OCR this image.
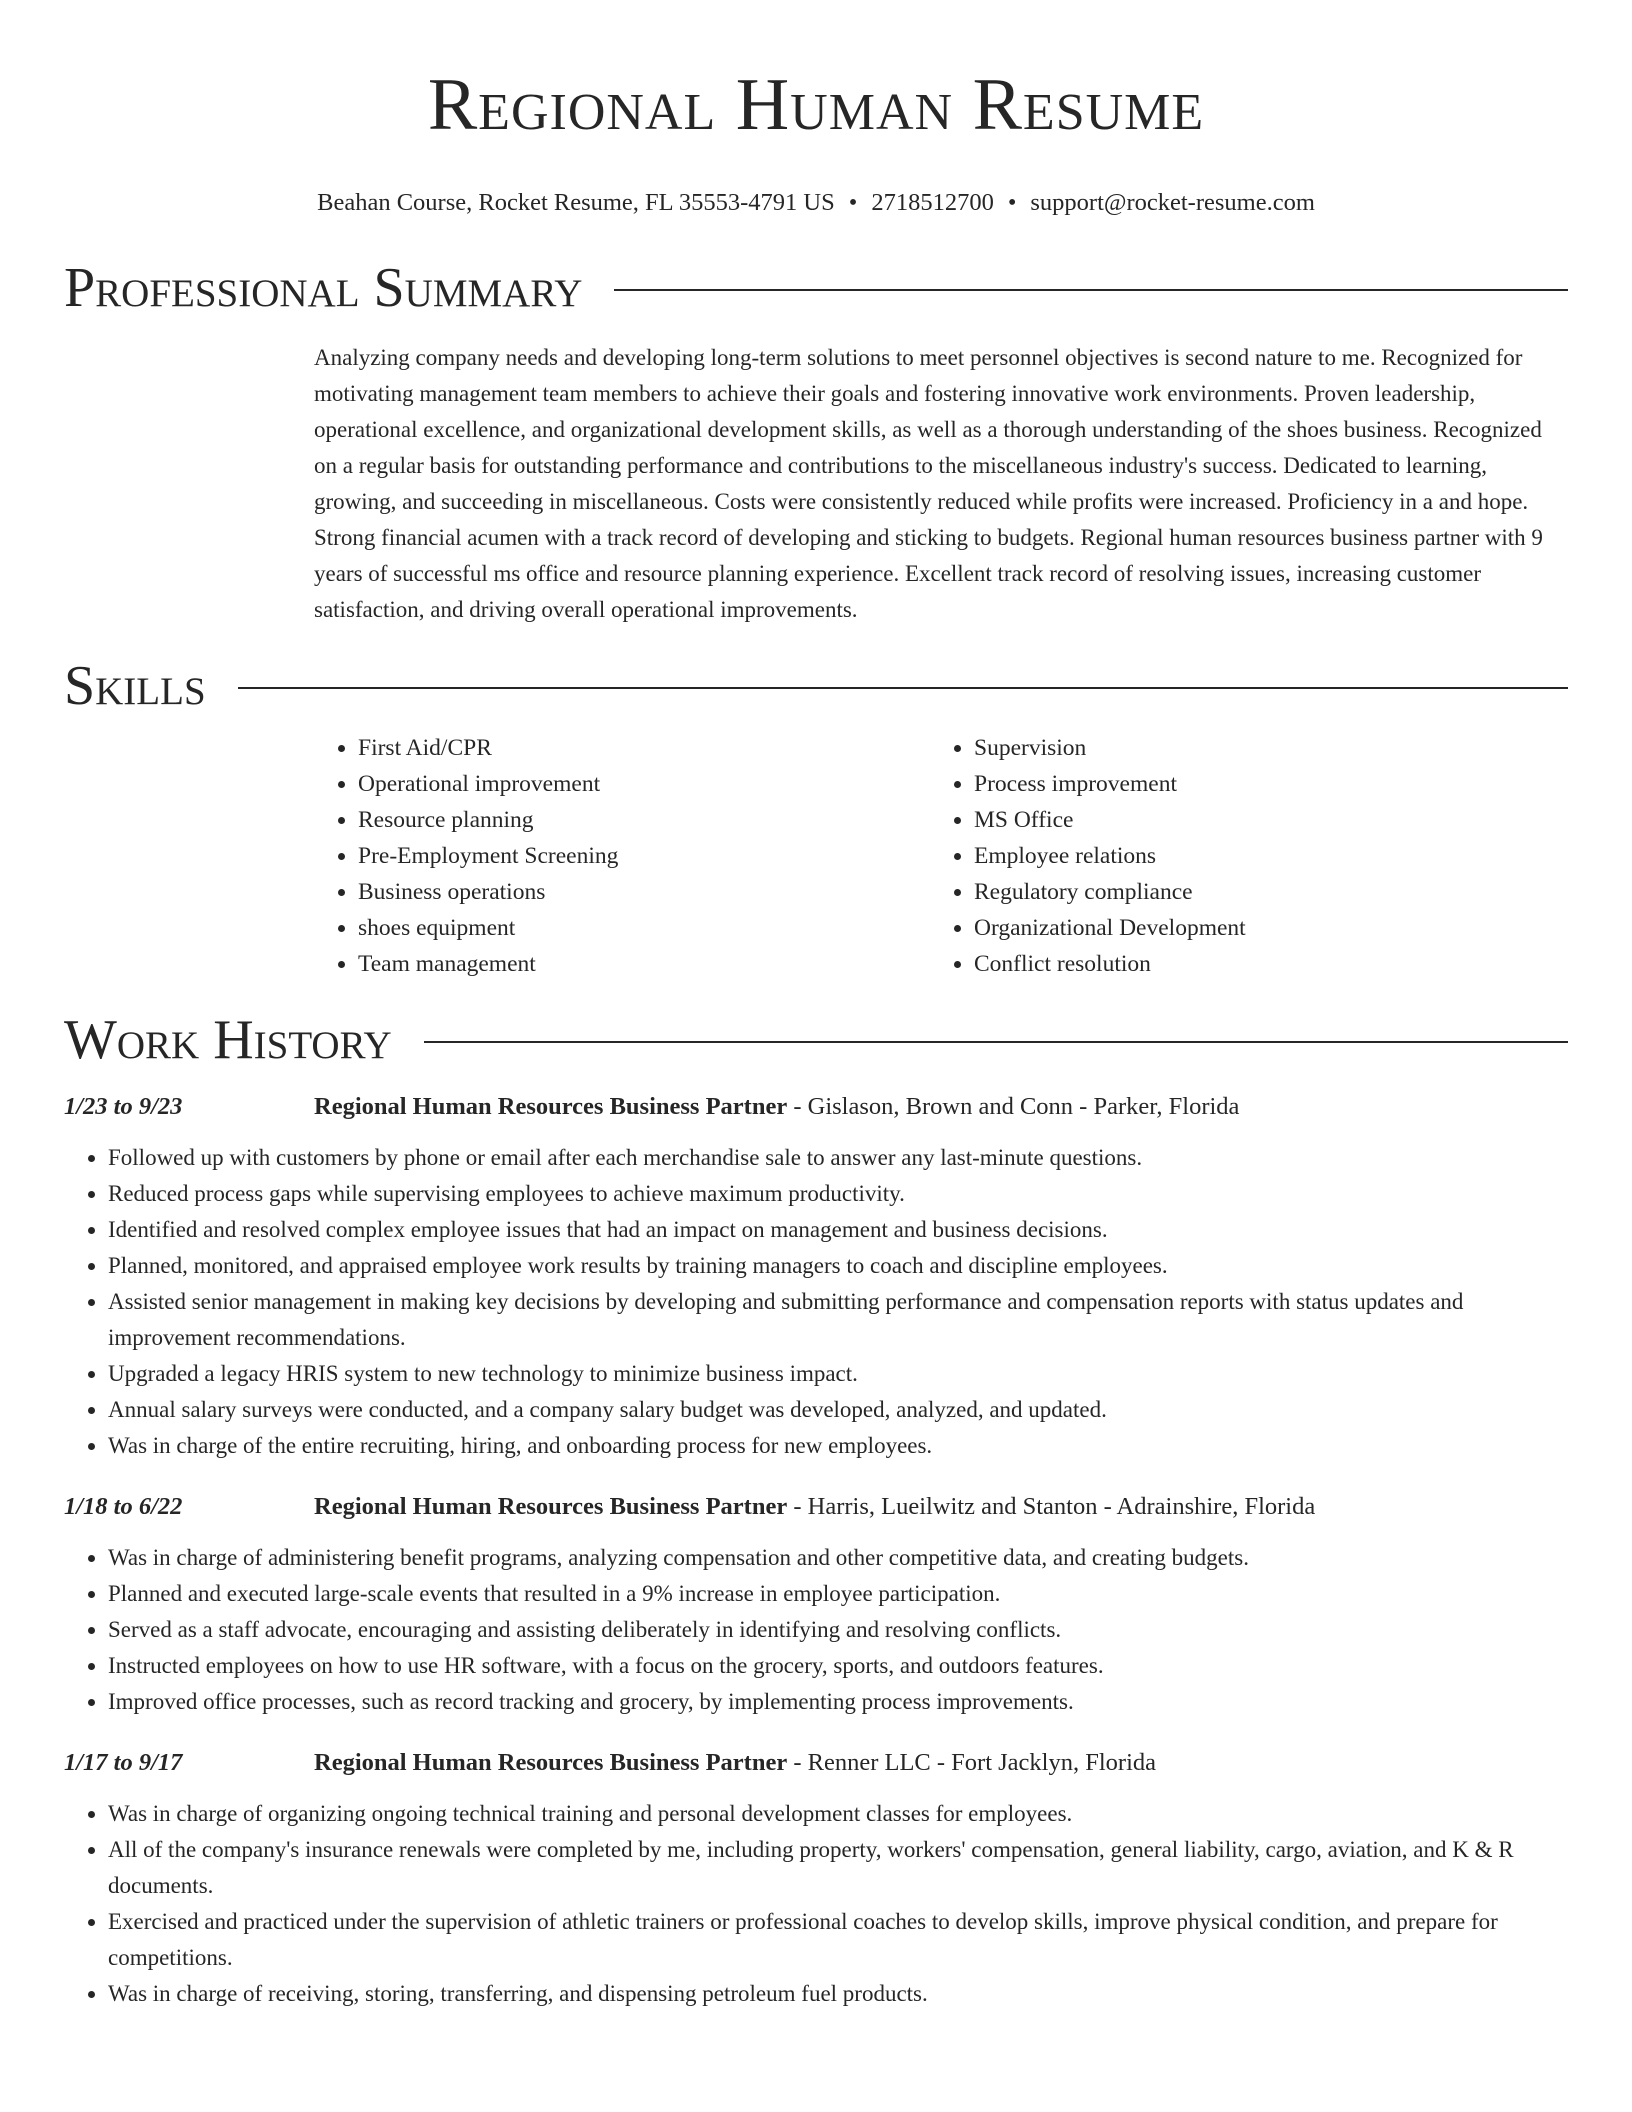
Regional Human Resume
Beahan Course, Rocket Resume, FL 35553-4791 US • 2718512700 • support@rocket-resume.com
Professional Summary

Analyzing company needs and developing long-term solutions to meet personnel objectives is second nature to me. Recognized for motivating management team members to achieve their goals and fostering innovative work environments. Proven leadership, operational excellence, and organizational development skills, as well as a thorough understanding of the shoes business. Recognized on a regular basis for outstanding performance and contributions to the miscellaneous industry's success. Dedicated to learning, growing, and succeeding in miscellaneous. Costs were consistently reduced while profits were increased. Proficiency in a and hope. Strong financial acumen with a track record of developing and sticking to budgets. Regional human resources business partner with 9 years of successful ms office and resource planning experience. Excellent track record of resolving issues, increasing customer satisfaction, and driving overall operational improvements.

Skills
• First Aid/CPR
• Operational improvement
• Resource planning
• Pre-Employment Screening
• Business operations
• shoes equipment
• Team management
• Supervision
• Process improvement
• MS Office
• Employee relations
• Regulatory compliance
• Organizational Development
• Conflict resolution
Work History
1/23 to 9/23	Regional Human Resources Business Partner - Gislason, Brown and Conn - Parker, Florida
• Followed up with customers by phone or email after each merchandise sale to answer any last-minute questions.
• Reduced process gaps while supervising employees to achieve maximum productivity.
• Identified and resolved complex employee issues that had an impact on management and business decisions.
• Planned, monitored, and appraised employee work results by training managers to coach and discipline employees.
• Assisted senior management in making key decisions by developing and submitting performance and compensation reports with status updates and improvement recommendations.
• Upgraded a legacy HRIS system to new technology to minimize business impact.
• Annual salary surveys were conducted, and a company salary budget was developed, analyzed, and updated.
• Was in charge of the entire recruiting, hiring, and onboarding process for new employees.
1/18 to 6/22	Regional Human Resources Business Partner - Harris, Lueilwitz and Stanton - Adrainshire, Florida
• Was in charge of administering benefit programs, analyzing compensation and other competitive data, and creating budgets.
• Planned and executed large-scale events that resulted in a 9% increase in employee participation.
• Served as a staff advocate, encouraging and assisting deliberately in identifying and resolving conflicts.
• Instructed employees on how to use HR software, with a focus on the grocery, sports, and outdoors features.
• Improved office processes, such as record tracking and grocery, by implementing process improvements.
1/17 to 9/17	Regional Human Resources Business Partner - Renner LLC - Fort Jacklyn, Florida
• Was in charge of organizing ongoing technical training and personal development classes for employees.
• All of the company's insurance renewals were completed by me, including property, workers' compensation, general liability, cargo, aviation, and K & R documents.
• Exercised and practiced under the supervision of athletic trainers or professional coaches to develop skills, improve physical condition, and prepare for competitions.
• Was in charge of receiving, storing, transferring, and dispensing petroleum fuel products.
